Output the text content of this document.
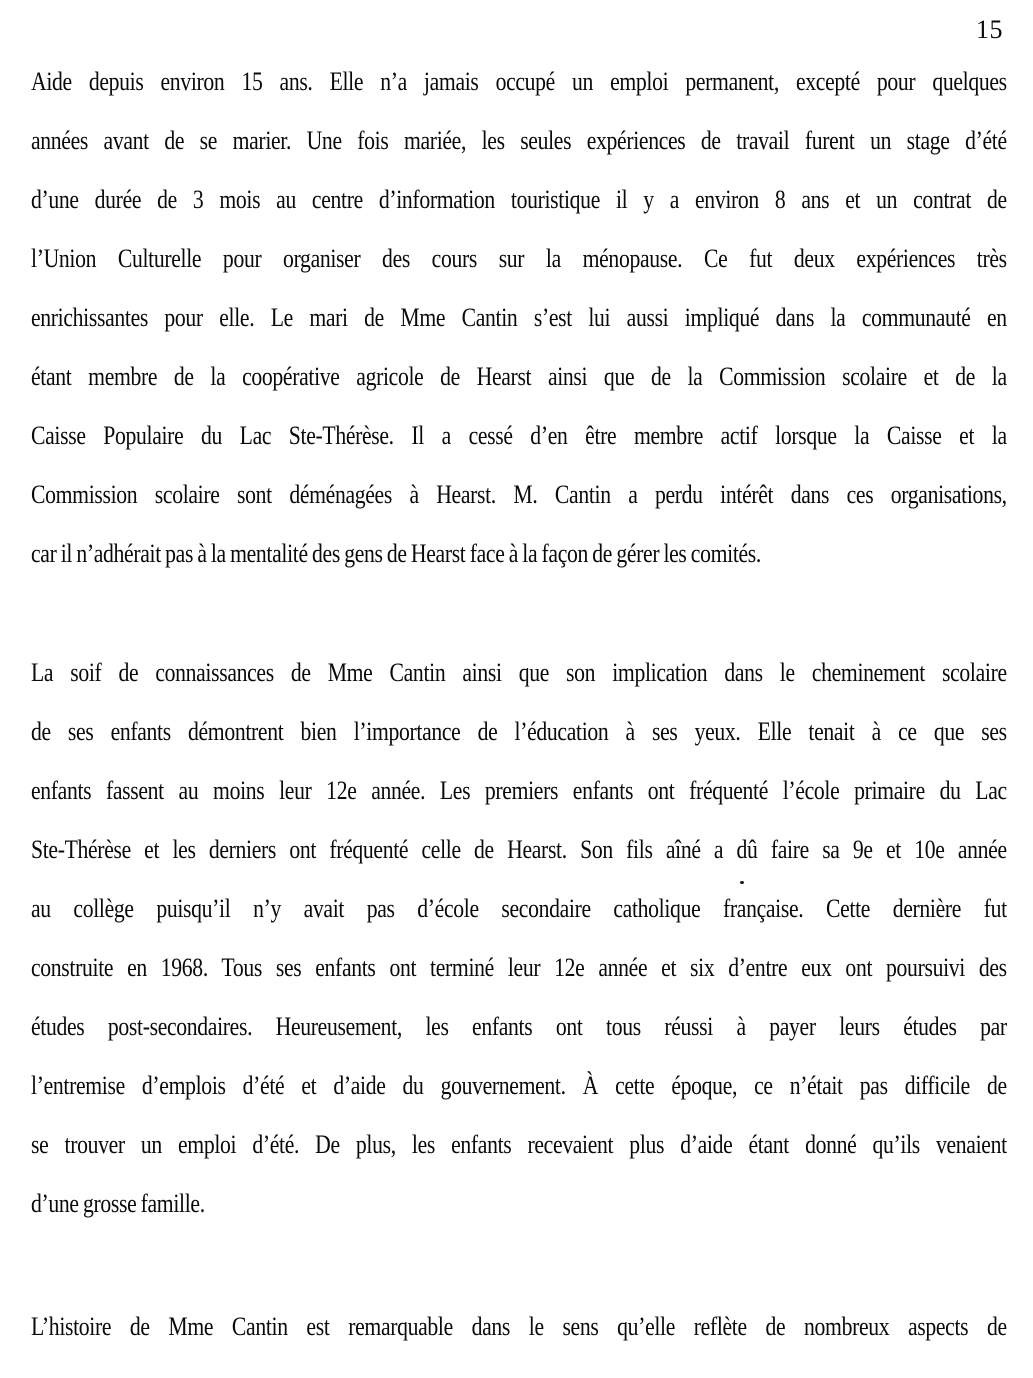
15
Aide depuis environ 15 ans. Elle n’a jamais occupé un emploi permanent, excepté pour quelques
années avant de se marier. Une fois mariée, les seules expériences de travail furent un stage d’été
d’une durée de 3 mois au centre d’information touristique il y a environ 8 ans et un contrat de
l’Union Culturelle pour organiser des cours sur la ménopause. Ce fut deux expériences très
enrichissantes pour elle. Le mari de Mme Cantin s’est lui aussi impliqué dans la communauté en
étant membre de la coopérative agricole de Hearst ainsi que de la Commission scolaire et de la
Caisse Populaire du Lac Ste-Thérèse. Il a cessé d’en être membre actif lorsque la Caisse et la
Commission scolaire sont déménagées à Hearst. M. Cantin a perdu intérêt dans ces organisations,
car il n’adhérait pas à la mentalité des gens de Hearst face à la façon de gérer les comités.
La soif de connaissances de Mme Cantin ainsi que son implication dans le cheminement scolaire
de ses enfants démontrent bien l’importance de l’éducation à ses yeux. Elle tenait à ce que ses
enfants fassent au moins leur 12e année. Les premiers enfants ont fréquenté l’école primaire du Lac
Ste-Thérèse et les derniers ont fréquenté celle de Hearst. Son fils aîné a dû faire sa 9e et 10e année
au collège puisqu’il n’y avait pas d’école secondaire catholique française. Cette dernière fut
construite en 1968. Tous ses enfants ont terminé leur 12e année et six d’entre eux ont poursuivi des
études post-secondaires. Heureusement, les enfants ont tous réussi à payer leurs études par
l’entremise d’emplois d’été et d’aide du gouvernement. À cette époque, ce n’était pas difficile de
se trouver un emploi d’été. De plus, les enfants recevaient plus d’aide étant donné qu’ils venaient
d’une grosse famille.
L’histoire de Mme Cantin est remarquable dans le sens qu’elle reflète de nombreux aspects de
